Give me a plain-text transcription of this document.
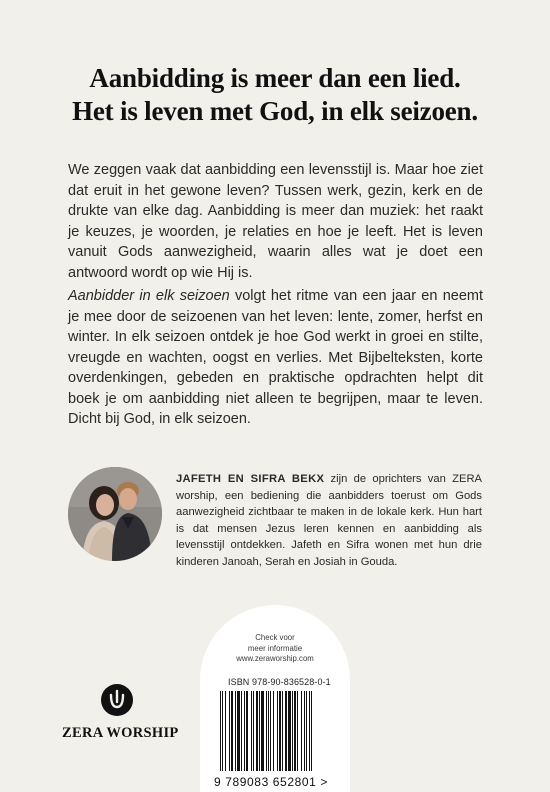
Aanbidding is meer dan een lied.
Het is leven met God, in elk seizoen.

We zeggen vaak dat aanbidding een levensstijl is. Maar hoe ziet dat eruit in het gewone leven? Tussen werk, gezin, kerk en de drukte van elke dag. Aanbidding is meer dan muziek: het raakt je keuzes, je woorden, je relaties en hoe je leeft. Het is leven vanuit Gods aanwezigheid, waarin alles wat je doet een antwoord wordt op wie Hij is.

Aanbidder in elk seizoen volgt het ritme van een jaar en neemt je mee door de seizoenen van het leven: lente, zomer, herfst en winter. In elk seizoen ontdek je hoe God werkt in groei en stilte, vreugde en wachten, oogst en verlies. Met Bijbelteksten, korte overdenkingen, gebeden en praktische opdrachten helpt dit boek je om aanbidding niet alleen te begrijpen, maar te leven. Dicht bij God, in elk seizoen.

JAFETH EN SIFRA BEKX zijn de oprichters van ZERA worship, een bediening die aanbidders toerust om Gods aanwezigheid zichtbaar te maken in de lokale kerk. Hun hart is dat mensen Jezus leren kennen en aanbidding als levensstijl ontdekken. Jafeth en Sifra wonen met hun drie kinderen Janoah, Serah en Josiah in Gouda.

ZERA WORSHIP
Check voor
meer informatie
www.zeraworship.com
ISBN 978-90-836528-0-1
9 789083 652801 >
